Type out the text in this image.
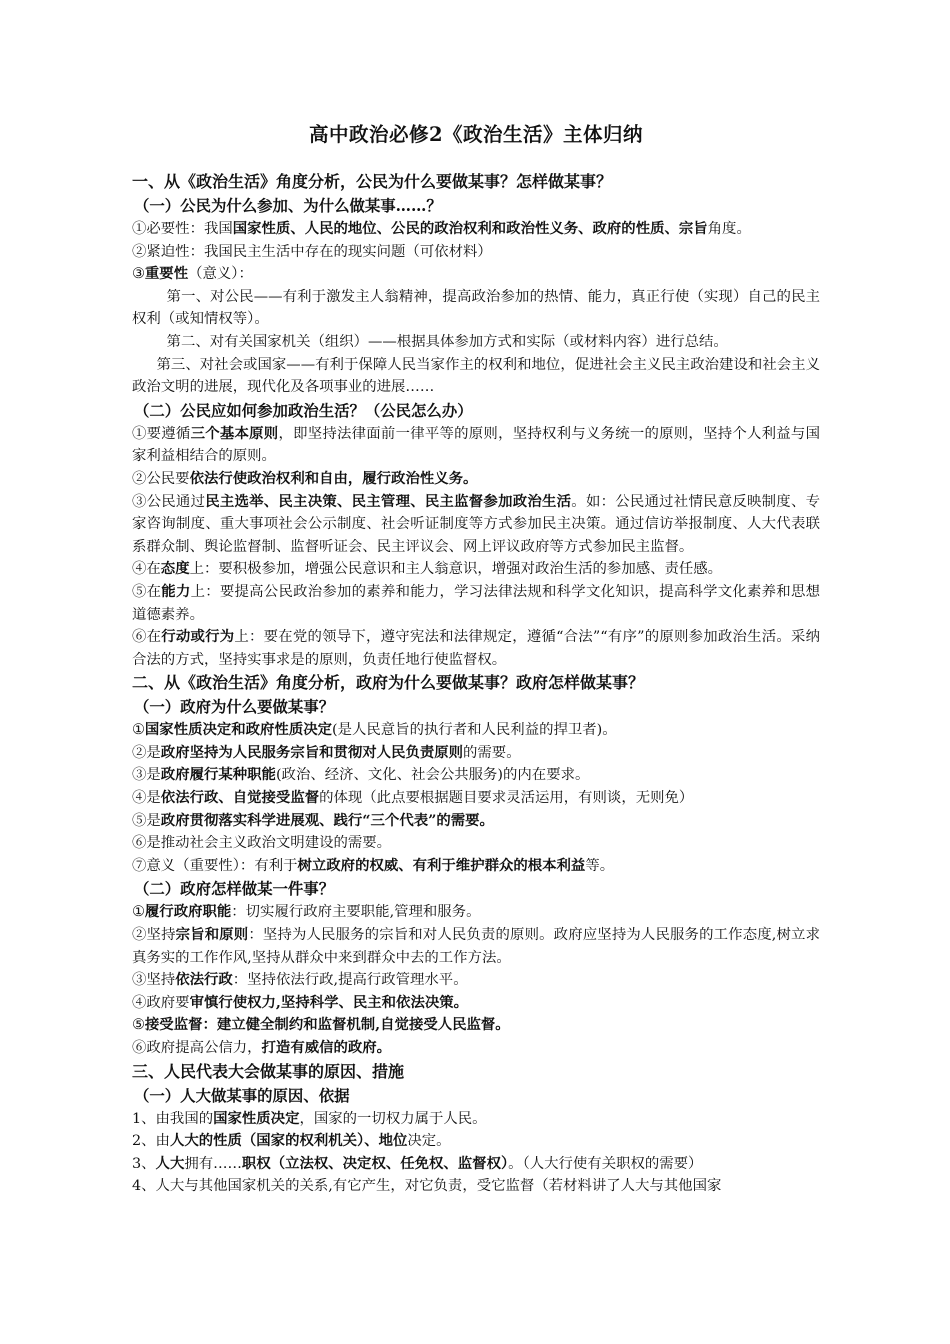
高中政治必修2《政治生活》主体归纳
一、从《政治生活》角度分析，公民为什么要做某事？怎样做某事？
（一）公民为什么参加、为什么做某事……？

①必要性：我国国家性质、人民的地位、公民的政治权利和政治性义务、政府的性质、宗旨角度。

②紧迫性：我国民主生活中存在的现实问题（可依材料）

③重要性（意义）：

第一、对公民——有利于激发主人翁精神，提高政治参加的热情、能力，真正行使（实现）自己的民主权利（或知情权等）。

第二、对有关国家机关（组织）——根据具体参加方式和实际（或材料内容）进行总结。

第三、对社会或国家——有利于保障人民当家作主的权利和地位，促进社会主义民主政治建设和社会主义政治文明的进展，现代化及各项事业的进展……

（二）公民应如何参加政治生活？（公民怎么办）

①要遵循三个基本原则，即坚持法律面前一律平等的原则，坚持权利与义务统一的原则，坚持个人利益与国家利益相结合的原则。

②公民要依法行使政治权利和自由，履行政治性义务。

③公民通过民主选举、民主决策、民主管理、民主监督参加政治生活。如：公民通过社情民意反映制度、专家咨询制度、重大事项社会公示制度、社会听证制度等方式参加民主决策。通过信访举报制度、人大代表联系群众制、舆论监督制、监督听证会、民主评议会、网上评议政府等方式参加民主监督。

④在态度上：要积极参加，增强公民意识和主人翁意识，增强对政治生活的参加感、责任感。

⑤在能力上：要提高公民政治参加的素养和能力，学习法律法规和科学文化知识，提高科学文化素养和思想道德素养。

⑥在行动或行为上：要在党的领导下，遵守宪法和法律规定，遵循“合法”“有序”的原则参加政治生活。采纳合法的方式，坚持实事求是的原则，负责任地行使监督权。

二、从《政治生活》角度分析，政府为什么要做某事？政府怎样做某事？
（一）政府为什么要做某事？

①国家性质决定和政府性质决定(是人民意旨的执行者和人民利益的捍卫者)。

②是政府坚持为人民服务宗旨和贯彻对人民负责原则的需要。

③是政府履行某种职能(政治、经济、文化、社会公共服务)的内在要求。

④是依法行政、自觉接受监督的体现（此点要根据题目要求灵活运用，有则谈，无则免）

⑤是政府贯彻落实科学进展观、践行“三个代表”的需要。

⑥是推动社会主义政治文明建设的需要。

⑦意义（重要性）：有利于树立政府的权威、有利于维护群众的根本利益等。

（二）政府怎样做某一件事？

①履行政府职能：切实履行政府主要职能,管理和服务。

②坚持宗旨和原则：坚持为人民服务的宗旨和对人民负责的原则。政府应坚持为人民服务的工作态度,树立求真务实的工作作风,坚持从群众中来到群众中去的工作方法。

③坚持依法行政：坚持依法行政,提高行政管理水平。

④政府要审慎行使权力,坚持科学、民主和依法决策。

⑤接受监督：建立健全制约和监督机制,自觉接受人民监督。

⑥政府提高公信力，打造有威信的政府。

三、人民代表大会做某事的原因、措施
（一）人大做某事的原因、依据

1、由我国的国家性质决定，国家的一切权力属于人民。

2、由人大的性质（国家的权利机关）、地位决定。

3、人大拥有……职权（立法权、决定权、任免权、监督权）。（人大行使有关职权的需要）

4、人大与其他国家机关的关系,有它产生，对它负责，受它监督（若材料讲了人大与其他国家
